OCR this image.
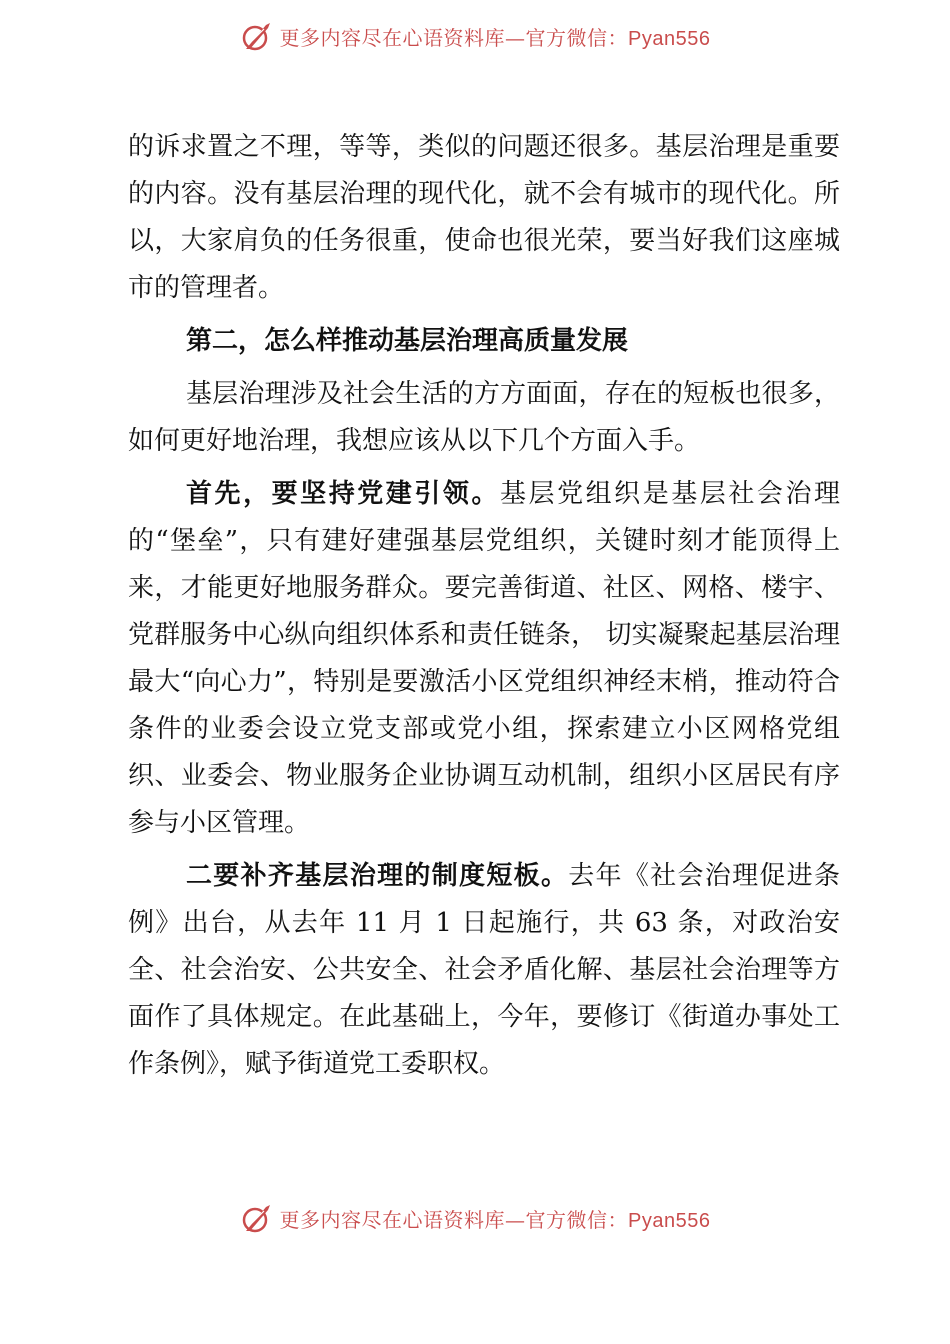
更多内容尽在心语资料库—官方微信：Pyan556

的诉求置之不理，等等，类似的问题还很多。基层治理是重要的内容。没有基层治理的现代化，就不会有城市的现代化。所以，大家肩负的任务很重，使命也很光荣，要当好我们这座城市的管理者。

第二，怎么样推动基层治理高质量发展

基层治理涉及社会生活的方方面面，存在的短板也很多，如何更好地治理，我想应该从以下几个方面入手。

首先，要坚持党建引领。基层党组织是基层社会治理的“堡垒”，只有建好建强基层党组织，关键时刻才能顶得上来，才能更好地服务群众。要完善街道、社区、网格、楼宇、党群服务中心纵向组织体系和责任链条， 切实凝聚起基层治理最大“向心力”，特别是要激活小区党组织神经末梢，推动符合条件的业委会设立党支部或党小组，探索建立小区网格党组织、业委会、物业服务企业协调互动机制，组织小区居民有序参与小区管理。

二要补齐基层治理的制度短板。去年《社会治理促进条例》出台，从去年 11 月 1 日起施行，共 63 条，对政治安全、社会治安、公共安全、社会矛盾化解、基层社会治理等方面作了具体规定。在此基础上，今年，要修订《街道办事处工作条例》，赋予街道党工委职权。

更多内容尽在心语资料库—官方微信：Pyan556
